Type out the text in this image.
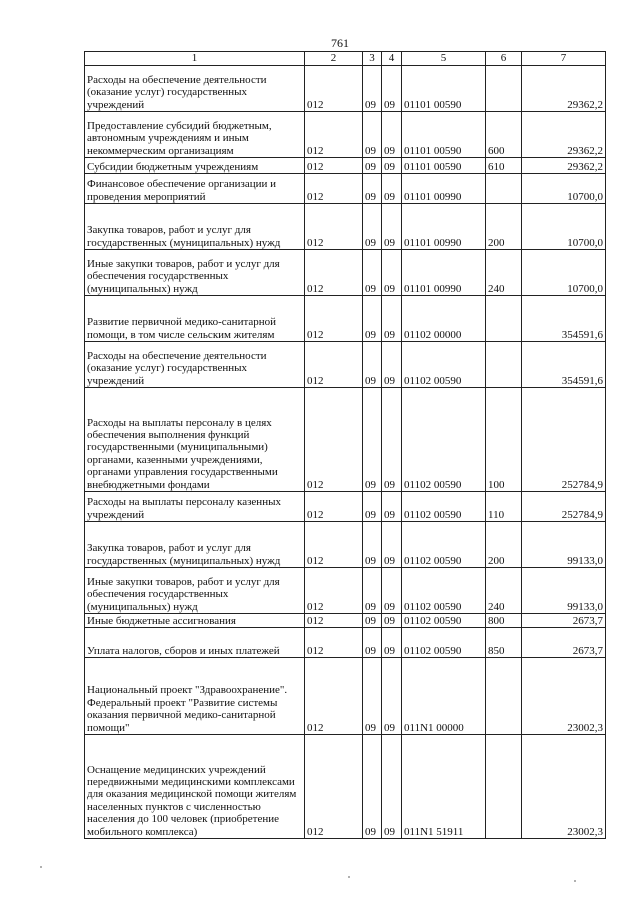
761
1	2	3	4	5	6	7
Расходы на обеспечение деятельности (оказание услуг) государственных учреждений	012	09	09	01101 00590		29362,2
Предоставление субсидий бюджетным, автономным учреждениям и иным некоммерческим организациям	012	09	09	01101 00590	600	29362,2
Субсидии бюджетным учреждениям	012	09	09	01101 00590	610	29362,2
Финансовое обеспечение организации и проведения мероприятий	012	09	09	01101 00990		10700,0
Закупка товаров, работ и услуг для государственных (муниципальных) нужд	012	09	09	01101 00990	200	10700,0
Иные закупки товаров, работ и услуг для обеспечения государственных (муниципальных) нужд	012	09	09	01101 00990	240	10700,0
Развитие первичной медико-санитарной помощи, в том числе сельским жителям	012	09	09	01102 00000		354591,6
Расходы на обеспечение деятельности (оказание услуг) государственных учреждений	012	09	09	01102 00590		354591,6
Расходы на выплаты персоналу в целях обеспечения выполнения функций государственными (муниципальными) органами, казенными учреждениями, органами управления государственными внебюджетными фондами	012	09	09	01102 00590	100	252784,9
Расходы на выплаты персоналу казенных учреждений	012	09	09	01102 00590	110	252784,9
Закупка товаров, работ и услуг для государственных (муниципальных) нужд	012	09	09	01102 00590	200	99133,0
Иные закупки товаров, работ и услуг для обеспечения государственных (муниципальных) нужд	012	09	09	01102 00590	240	99133,0
Иные бюджетные ассигнования	012	09	09	01102 00590	800	2673,7
Уплата налогов, сборов и иных платежей	012	09	09	01102 00590	850	2673,7
Национальный проект "Здравоохранение". Федеральный проект "Развитие системы оказания первичной медико-санитарной помощи"	012	09	09	011N1 00000		23002,3
Оснащение медицинских учреждений передвижными медицинскими комплексами для оказания медицинской помощи жителям населенных пунктов с численностью населения до 100 человек (приобретение мобильного комплекса)	012	09	09	011N1 51911		23002,3
